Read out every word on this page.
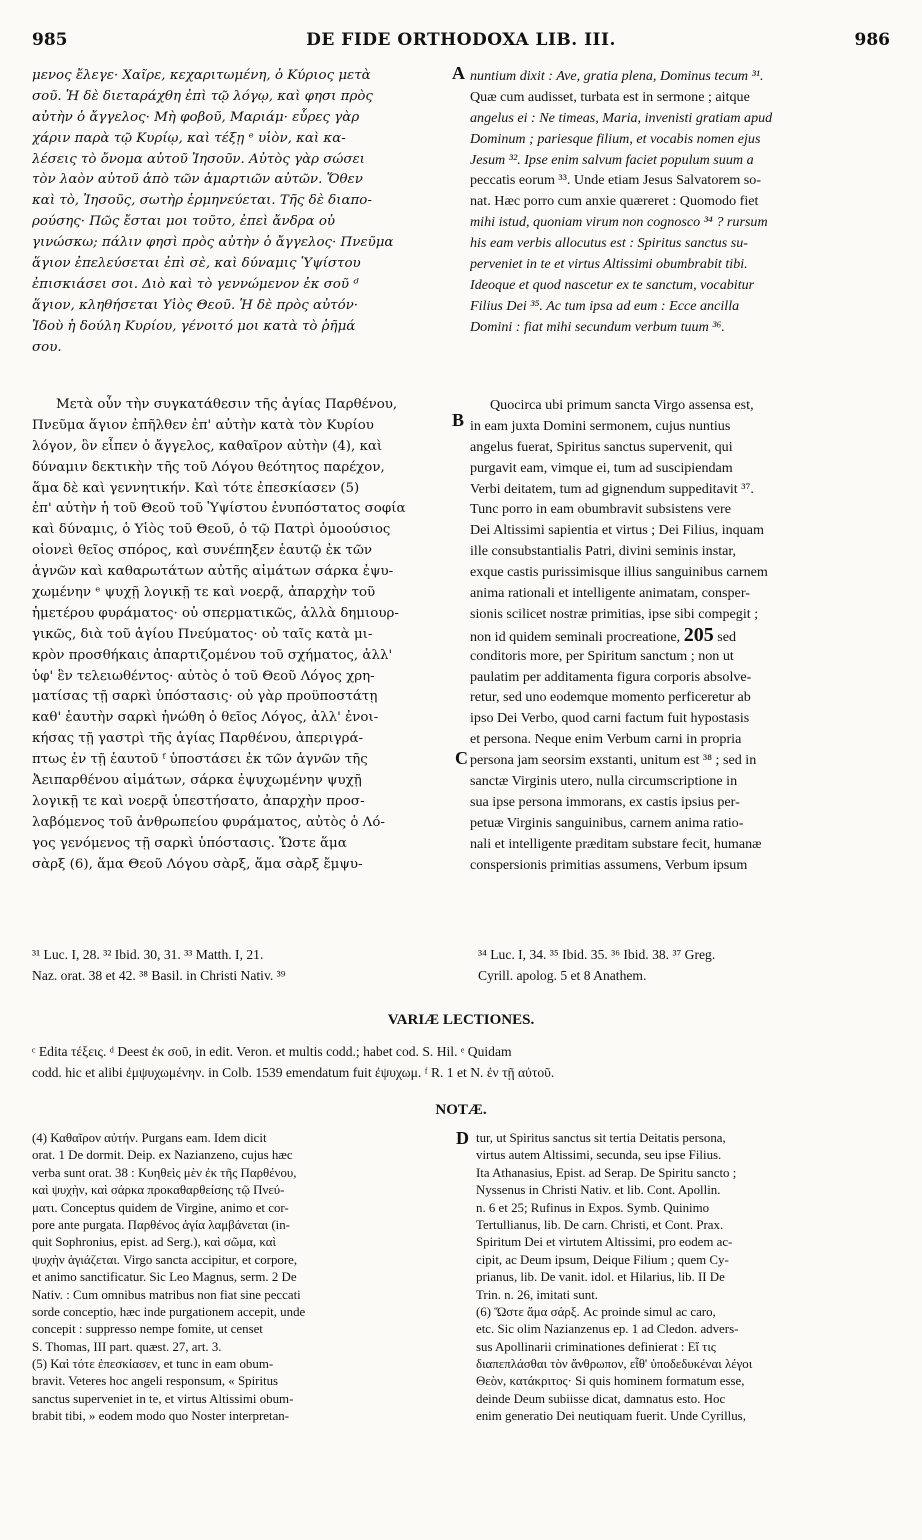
985	DE FIDE ORTHODOXA LIB. III.	986
A
B
C
D
μενος ἔλεγε· Χαῖρε, κεχαριτωμένη, ὁ Κύριος μετὰ
σοῦ. Ἡ δὲ διεταράχθη ἐπὶ τῷ λόγῳ, καὶ φησι πρὸς
αὐτὴν ὁ ἄγγελος· Μὴ φοβοῦ, Μαριάμ· εὗρες γὰρ
χάριν παρὰ τῷ Κυρίῳ, καὶ τέξῃ ᵉ υἱὸν, καὶ κα-
λέσεις τὸ ὄνομα αὐτοῦ Ἰησοῦν. Αὐτὸς γὰρ σώσει
τὸν λαὸν αὐτοῦ ἀπὸ τῶν ἁμαρτιῶν αὐτῶν. Ὅθεν
καὶ τὸ, Ἰησοῦς, σωτὴρ ἑρμηνεύεται. Τῆς δὲ διαπο-
ρούσης· Πῶς ἔσται μοι τοῦτο, ἐπεὶ ἄνδρα οὐ
γινώσκω; πάλιν φησὶ πρὸς αὐτὴν ὁ ἄγγελος· Πνεῦμα
ἅγιον ἐπελεύσεται ἐπὶ σὲ, καὶ δύναμις Ὑψίστου
ἐπισκιάσει σοι. Διὸ καὶ τὸ γεννώμενον ἐκ σοῦ ᵈ
ἅγιον, κληθήσεται Υἱὸς Θεοῦ. Ἡ δὲ πρὸς αὐτόν·
Ἰδοὺ ἡ δούλη Κυρίου, γένοιτό μοι κατὰ τὸ ῥῆμά
σου.
Μετὰ οὖν τὴν συγκατάθεσιν τῆς ἁγίας Παρθένου,
Πνεῦμα ἅγιον ἐπῆλθεν ἐπ' αὐτὴν κατὰ τὸν Κυρίου
λόγον, ὃν εἶπεν ὁ ἄγγελος, καθαῖρον αὐτὴν (4), καὶ
δύναμιν δεκτικὴν τῆς τοῦ Λόγου θεότητος παρέχον,
ἅμα δὲ καὶ γεννητικήν. Καὶ τότε ἐπεσκίασεν (5)
ἐπ' αὐτὴν ἡ τοῦ Θεοῦ τοῦ Ὑψίστου ἐνυπόστατος σοφία
καὶ δύναμις, ὁ Υἱὸς τοῦ Θεοῦ, ὁ τῷ Πατρὶ ὁμοούσιος
οἱονεὶ θεῖος σπόρος, καὶ συνέπηξεν ἑαυτῷ ἐκ τῶν
ἁγνῶν καὶ καθαρωτάτων αὐτῆς αἱμάτων σάρκα ἐψυ-
χωμένην ᵉ ψυχῇ λογικῇ τε καὶ νοερᾷ, ἀπαρχὴν τοῦ
ἡμετέρου φυράματος· οὐ σπερματικῶς, ἀλλὰ δημιουρ-
γικῶς, διὰ τοῦ ἁγίου Πνεύματος· οὐ ταῖς κατὰ μι-
κρὸν προσθήκαις ἀπαρτιζομένου τοῦ σχήματος, ἀλλ'
ὑφ' ἓν τελειωθέντος· αὐτὸς ὁ τοῦ Θεοῦ Λόγος χρη-
ματίσας τῇ σαρκὶ ὑπόστασις· οὐ γὰρ προϋποστάτῃ
καθ' ἑαυτὴν σαρκὶ ἡνώθη ὁ θεῖος Λόγος, ἀλλ' ἐνοι-
κήσας τῇ γαστρὶ τῆς ἁγίας Παρθένου, ἀπεριγρά-
πτως ἐν τῇ ἑαυτοῦ ᶠ ὑποστάσει ἐκ τῶν ἁγνῶν τῆς
Ἀειπαρθένου αἱμάτων, σάρκα ἐψυχωμένην ψυχῇ
λογικῇ τε καὶ νοερᾷ ὑπεστήσατο, ἀπαρχὴν προσ-
λαβόμενος τοῦ ἀνθρωπείου φυράματος, αὐτὸς ὁ Λό-
γος γενόμενος τῇ σαρκὶ ὑπόστασις. Ὥστε ἅμα
σὰρξ (6), ἅμα Θεοῦ Λόγου σὰρξ, ἅμα σὰρξ ἔμψυ-
nuntium dixit : Ave, gratia plena, Dominus tecum ³¹.
Quæ cum audisset, turbata est in sermone ; aitque
angelus ei : Ne timeas, Maria, invenisti gratiam apud
Dominum ; pariesque filium, et vocabis nomen ejus
Jesum ³². Ipse enim salvum faciet populum suum a
peccatis eorum ³³. Unde etiam Jesus Salvatorem so-
nat. Hæc porro cum anxie quæreret : Quomodo fiet
mihi istud, quoniam virum non cognosco ³⁴ ? rursum
his eam verbis allocutus est : Spiritus sanctus su-
perveniet in te et virtus Altissimi obumbrabit tibi.
Ideoque et quod nascetur ex te sanctum, vocabitur
Filius Dei ³⁵. Ac tum ipsa ad eum : Ecce ancilla
Domini : fiat mihi secundum verbum tuum ³⁶.
Quocirca ubi primum sancta Virgo assensa est,
in eam juxta Domini sermonem, cujus nuntius
angelus fuerat, Spiritus sanctus supervenit, qui
purgavit eam, vimque ei, tum ad suscipiendam
Verbi deitatem, tum ad gignendum suppeditavit ³⁷.
Tunc porro in eam obumbravit subsistens vere
Dei Altissimi sapientia et virtus ; Dei Filius, inquam
ille consubstantialis Patri, divini seminis instar,
exque castis purissimisque illius sanguinibus carnem
anima rationali et intelligente animatam, consper-
sionis scilicet nostræ primitias, ipse sibi compegit ;
non id quidem seminali procreatione, 205 sed
conditoris more, per Spiritum sanctum ; non ut
paulatim per additamenta figura corporis absolve-
retur, sed uno eodemque momento perficeretur ab
ipso Dei Verbo, quod carni factum fuit hypostasis
et persona. Neque enim Verbum carni in propria
persona jam seorsim exstanti, unitum est ³⁸ ; sed in
sanctæ Virginis utero, nulla circumscriptione in
sua ipse persona immorans, ex castis ipsius per-
petuæ Virginis sanguinibus, carnem anima ratio-
nali et intelligente præditam substare fecit, humanæ
conspersionis primitias assumens, Verbum ipsum
³¹ Luc. I, 28. ³² Ibid. 30, 31. ³³ Matth. I, 21.
Naz. orat. 38 et 42. ³⁸ Basil. in Christi Nativ. ³⁹
³⁴ Luc. I, 34. ³⁵ Ibid. 35. ³⁶ Ibid. 38. ³⁷ Greg.
Cyrill. apolog. 5 et 8 Anathem.
VARIÆ LECTIONES.
ᶜ Edita τέξεις. ᵈ Deest ἐκ σοῦ, in edit. Veron. et multis codd.; habet cod. S. Hil. ᵉ Quidam
codd. hic et alibi ἐμψυχωμένην. in Colb. 1539 emendatum fuit ἐψυχωμ. ᶠ R. 1 et N. ἐν τῇ αὐτοῦ.
NOTÆ.
(4) Καθαῖρον αὐτήν. Purgans eam. Idem dicit
orat. 1 De dormit. Deip. ex Nazianzeno, cujus hæc
verba sunt orat. 38 : Κυηθεὶς μὲν ἐκ τῆς Παρθένου,
καὶ ψυχὴν, καὶ σάρκα προκαθαρθείσης τῷ Πνεύ-
ματι. Conceptus quidem de Virgine, animo et cor-
pore ante purgata. Παρθένος ἁγία λαμβάνεται (in-
quit Sophronius, epist. ad Serg.), καὶ σῶμα, καὶ
ψυχὴν ἁγιάζεται. Virgo sancta accipitur, et corpore,
et animo sanctificatur. Sic Leo Magnus, serm. 2 De
Nativ. : Cum omnibus matribus non fiat sine peccati
sorde conceptio, hæc inde purgationem accepit, unde
concepit : suppresso nempe fomite, ut censet
S. Thomas, III part. quæst. 27, art. 3.
(5) Καὶ τότε ἐπεσκίασεν, et tunc in eam obum-
bravit. Veteres hoc angeli responsum, « Spiritus
sanctus superveniet in te, et virtus Altissimi obum-
brabit tibi, » eodem modo quo Noster interpretan-
tur, ut Spiritus sanctus sit tertia Deitatis persona,
virtus autem Altissimi, secunda, seu ipse Filius.
Ita Athanasius, Epist. ad Serap. De Spiritu sancto ;
Nyssenus in Christi Nativ. et lib. Cont. Apollin.
n. 6 et 25; Rufinus in Expos. Symb. Quinimo
Tertullianus, lib. De carn. Christi, et Cont. Prax.
Spiritum Dei et virtutem Altissimi, pro eodem ac-
cipit, ac Deum ipsum, Deique Filium ; quem Cy-
prianus, lib. De vanit. idol. et Hilarius, lib. II De
Trin. n. 26, imitati sunt.
(6) Ὥστε ἅμα σάρξ. Ac proinde simul ac caro,
etc. Sic olim Nazianzenus ep. 1 ad Cledon. advers-
sus Apollinarii criminationes definierat : Εἴ τις
διαπεπλάσθαι τὸν ἄνθρωπον, εἶθ' ὑποδεδυκέναι λέγοι
Θεὸν, κατάκριτος· Si quis hominem formatum esse,
deinde Deum subiisse dicat, damnatus esto. Hoc
enim generatio Dei neutiquam fuerit. Unde Cyrillus,
